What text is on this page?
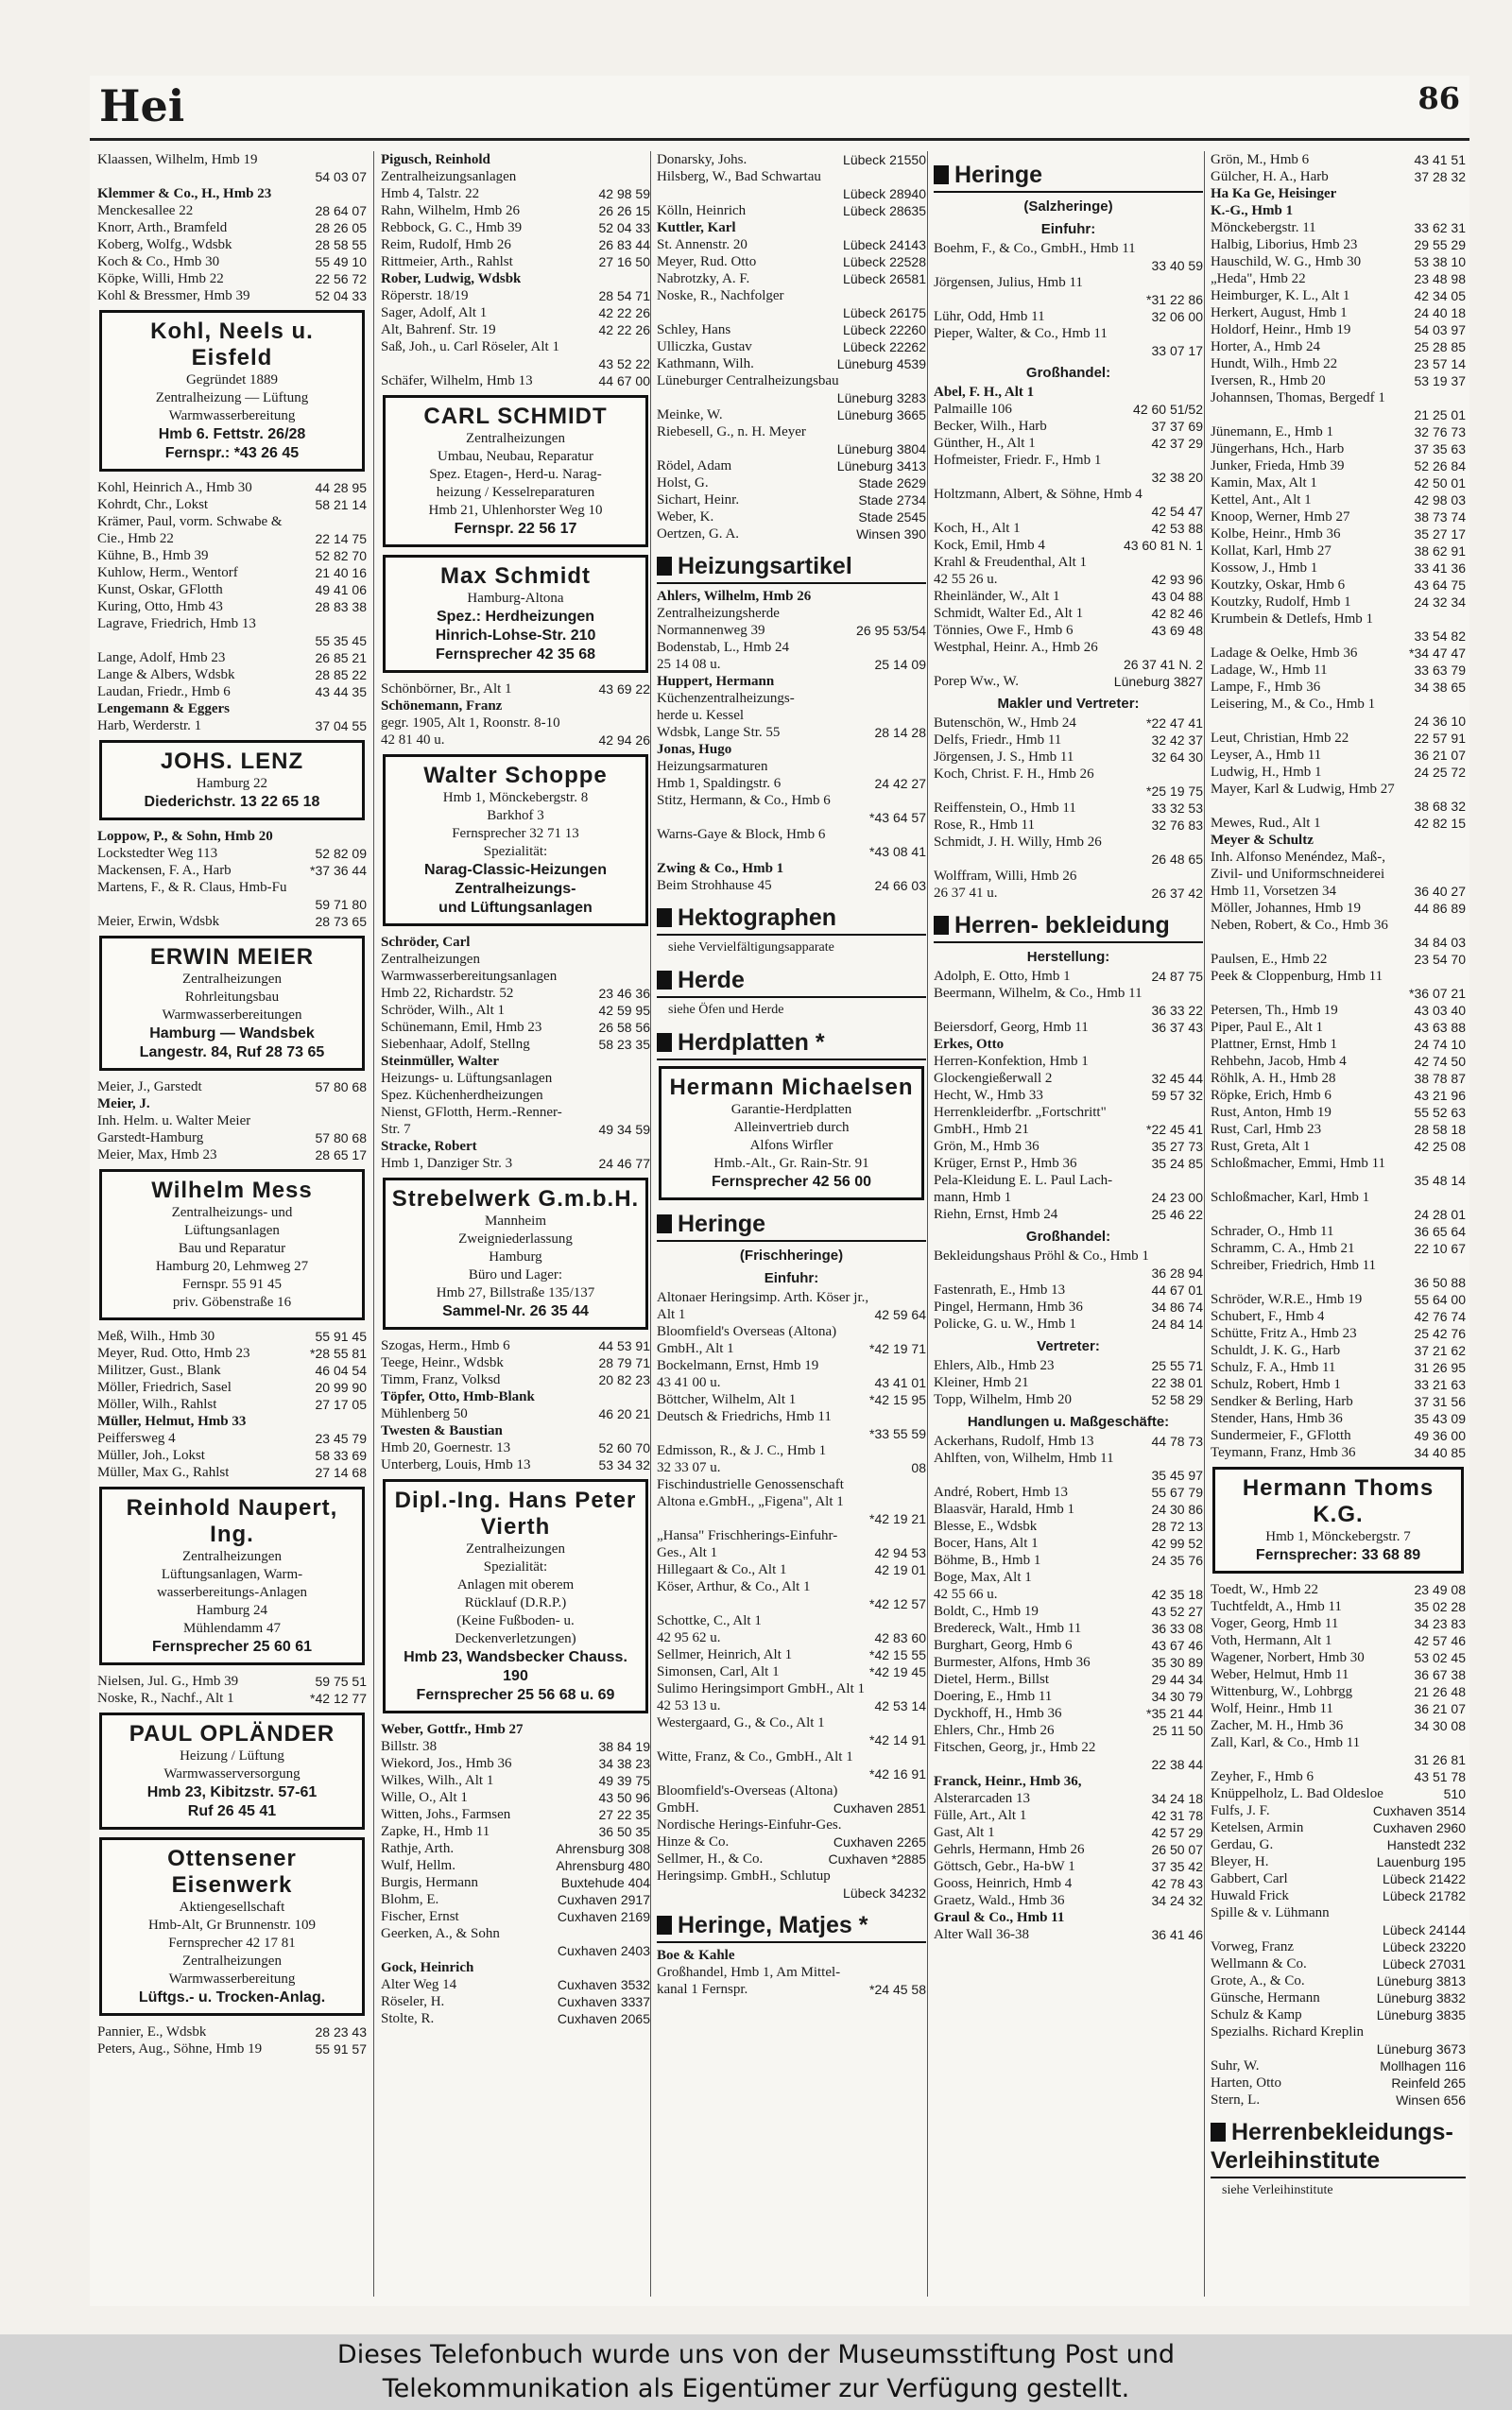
Hei	86
Klaassen, Wilhelm, Hmb 19
54 03 07
Klemmer & Co., H., Hmb 23
Menckesallee 22	28 64 07
Knorr, Arth., Bramfeld	28 26 05
Koberg, Wolfg., Wdsbk	28 58 55
Koch & Co., Hmb 30	55 49 10
Köpke, Willi, Hmb 22	22 56 72
Kohl & Bressmer, Hmb 39	52 04 33
Kohl, Neels u. Eisfeld
Gegründet 1889
Zentralheizung — Lüftung
Warmwasserbereitung
Hmb 6. Fettstr. 26/28
Fernspr.: *43 26 45
Kohl, Heinrich A., Hmb 30	44 28 95
Kohrdt, Chr., Lokst	58 21 14
Krämer, Paul, vorm. Schwabe &
Cie., Hmb 22	22 14 75
Kühne, B., Hmb 39	52 82 70
Kuhlow, Herm., Wentorf	21 40 16
Kunst, Oskar, GFlotth	49 41 06
Kuring, Otto, Hmb 43	28 83 38
Lagrave, Friedrich, Hmb 13
55 35 45
Lange, Adolf, Hmb 23	26 85 21
Lange & Albers, Wdsbk	28 85 22
Laudan, Friedr., Hmb 6	43 44 35
Lengemann & Eggers
Harb, Werderstr. 1	37 04 55
JOHS. LENZ
Hamburg 22
Diederichstr. 13 22 65 18
Loppow, P., & Sohn, Hmb 20
Lockstedter Weg 113	52 82 09
Mackensen, F. A., Harb	*37 36 44
Martens, F., & R. Claus, Hmb-Fu
59 71 80
Meier, Erwin, Wdsbk	28 73 65
ERWIN MEIER
Zentralheizungen
Rohrleitungsbau
Warmwasserbereitungen
Hamburg — Wandsbek
Langestr. 84, Ruf 28 73 65
Meier, J., Garstedt	57 80 68
Meier, J.
Inh. Helm. u. Walter Meier
Garstedt-Hamburg	57 80 68
Meier, Max, Hmb 23	28 65 17
Wilhelm Mess
Zentralheizungs- und
Lüftungsanlagen
Bau und Reparatur
Hamburg 20, Lehmweg 27
Fernspr. 55 91 45
priv. Göbenstraße 16
Meß, Wilh., Hmb 30	55 91 45
Meyer, Rud. Otto, Hmb 23	*28 55 81
Militzer, Gust., Blank	46 04 54
Möller, Friedrich, Sasel	20 99 90
Möller, Wilh., Rahlst	27 17 05
Müller, Helmut, Hmb 33
Peiffersweg 4	23 45 79
Müller, Joh., Lokst	58 33 69
Müller, Max G., Rahlst	27 14 68
Reinhold Naupert, Ing.
Zentralheizungen
Lüftungsanlagen, Warm-
wasserbereitungs-Anlagen
Hamburg 24
Mühlendamm 47
Fernsprecher 25 60 61
Nielsen, Jul. G., Hmb 39	59 75 51
Noske, R., Nachf., Alt 1	*42 12 77
PAUL OPLÄNDER
Heizung / Lüftung
Warmwasserversorgung
Hmb 23, Kibitzstr. 57-61
Ruf 26 45 41
Ottensener Eisenwerk
Aktiengesellschaft
Hmb-Alt, Gr Brunnenstr. 109
Fernsprecher 42 17 81
Zentralheizungen
Warmwasserbereitung
Lüftgs.- u. Trocken-Anlag.
Pannier, E., Wdsbk	28 23 43
Peters, Aug., Söhne, Hmb 19	55 91 57
Pigusch, Reinhold
Zentralheizungsanlagen
Hmb 4, Talstr. 22	42 98 59
Rahn, Wilhelm, Hmb 26	26 26 15
Rebbock, G. C., Hmb 39	52 04 33
Reim, Rudolf, Hmb 26	26 83 44
Rittmeier, Arth., Rahlst	27 16 50
Rober, Ludwig, Wdsbk
Röperstr. 18/19	28 54 71
Sager, Adolf, Alt 1	42 22 26
Alt, Bahrenf. Str. 19	42 22 26
Saß, Joh., u. Carl Röseler, Alt 1
43 52 22
Schäfer, Wilhelm, Hmb 13	44 67 00
CARL SCHMIDT
Zentralheizungen
Umbau, Neubau, Reparatur
Spez. Etagen-, Herd-u. Narag-
heizung / Kesselreparaturen
Hmb 21, Uhlenhorster Weg 10
Fernspr. 22 56 17
Max Schmidt
Hamburg-Altona
Spez.: Herdheizungen
Hinrich-Lohse-Str. 210
Fernsprecher 42 35 68
Schönbörner, Br., Alt 1	43 69 22
Schönemann, Franz
gegr. 1905, Alt 1, Roonstr. 8-10
42 81 40 u.	42 94 26
Walter Schoppe
Hmb 1, Mönckebergstr. 8
Barkhof 3
Fernsprecher 32 71 13
Spezialität:
Narag-Classic-Heizungen
Zentralheizungs-
und Lüftungsanlagen
Schröder, Carl
Zentralheizungen
Warmwasserbereitungsanlagen
Hmb 22, Richardstr. 52	23 46 36
Schröder, Wilh., Alt 1	42 59 95
Schünemann, Emil, Hmb 23	26 58 56
Siebenhaar, Adolf, Stellng	58 23 35
Steinmüller, Walter
Heizungs- u. Lüftungsanlagen
Spez. Küchenherdheizungen
Nienst, GFlotth, Herm.-Renner-
Str. 7	49 34 59
Stracke, Robert
Hmb 1, Danziger Str. 3	24 46 77
Strebelwerk G.m.b.H.
Mannheim
Zweigniederlassung
Hamburg
Büro und Lager:
Hmb 27, Billstraße 135/137
Sammel-Nr. 26 35 44
Szogas, Herm., Hmb 6	44 53 91
Teege, Heinr., Wdsbk	28 79 71
Timm, Franz, Volksd	20 82 23
Töpfer, Otto, Hmb-Blank
Mühlenberg 50	46 20 21
Twesten & Baustian
Hmb 20, Goernestr. 13	52 60 70
Unterberg, Louis, Hmb 13	53 34 32
Dipl.-Ing. Hans Peter Vierth
Zentralheizungen
Spezialität:
Anlagen mit oberem
Rücklauf (D.R.P.)
(Keine Fußboden- u.
Deckenverletzungen)
Hmb 23, Wandsbecker Chauss. 190
Fernsprecher 25 56 68 u. 69
Weber, Gottfr., Hmb 27
Billstr. 38	38 84 19
Wiekord, Jos., Hmb 36	34 38 23
Wilkes, Wilh., Alt 1	49 39 75
Wille, O., Alt 1	43 50 96
Witten, Johs., Farmsen	27 22 35
Zapke, H., Hmb 11	36 50 35
Rathje, Arth.	Ahrensburg 308
Wulf, Hellm.	Ahrensburg 480
Burgis, Hermann	Buxtehude 404
Blohm, E.	Cuxhaven 2917
Fischer, Ernst	Cuxhaven 2169
Geerken, A., & Sohn
Cuxhaven 2403
Gock, Heinrich
Alter Weg 14	Cuxhaven 3532
Röseler, H.	Cuxhaven 3337
Stolte, R.	Cuxhaven 2065
Donarsky, Johs.	Lübeck 21550
Hilsberg, W., Bad Schwartau
Lübeck 28940
Kölln, Heinrich	Lübeck 28635
Kuttler, Karl
St. Annenstr. 20	Lübeck 24143
Meyer, Rud. Otto	Lübeck 22528
Nabrotzky, A. F.	Lübeck 26581
Noske, R., Nachfolger
Lübeck 26175
Schley, Hans	Lübeck 22260
Ulliczka, Gustav	Lübeck 22262
Kathmann, Wilh.	Lüneburg 4539
Lüneburger Centralheizungsbau
Lüneburg 3283
Meinke, W.	Lüneburg 3665
Riebesell, G., n. H. Meyer
Lüneburg 3804
Rödel, Adam	Lüneburg 3413
Holst, G.	Stade 2629
Sichart, Heinr.	Stade 2734
Weber, K.	Stade 2545
Oertzen, G. A.	Winsen 390
Heizungsartikel
Ahlers, Wilhelm, Hmb 26
Zentralheizungsherde
Normannenweg 39	26 95 53/54
Bodenstab, L., Hmb 24
25 14 08 u.	25 14 09
Huppert, Hermann
Küchenzentralheizungs-
herde u. Kessel
Wdsbk, Lange Str. 55	28 14 28
Jonas, Hugo
Heizungsarmaturen
Hmb 1, Spaldingstr. 6	24 42 27
Stitz, Hermann, & Co., Hmb 6
*43 64 57
Warns-Gaye & Block, Hmb 6
*43 08 41
Zwing & Co., Hmb 1
Beim Strohhause 45	24 66 03
Hektographen
siehe Vervielfältigungsapparate
Herde
siehe Öfen und Herde
Herdplatten *
Hermann Michaelsen
Garantie-Herdplatten
Alleinvertrieb durch
Alfons Wirfler
Hmb.-Alt., Gr. Rain-Str. 91
Fernsprecher 42 56 00
Heringe
(Frischheringe)
Einfuhr:
Altonaer Heringsimp. Arth. Köser jr.,
Alt 1	42 59 64
Bloomfield's Overseas (Altona)
GmbH., Alt 1	*42 19 71
Bockelmann, Ernst, Hmb 19
43 41 00 u.	43 41 01
Böttcher, Wilhelm, Alt 1	*42 15 95
Deutsch & Friedrichs, Hmb 11
*33 55 59
Edmisson, R., & J. C., Hmb 1
32 33 07 u.	08
Fischindustrielle Genossenschaft
Altona e.GmbH., „Figena", Alt 1
*42 19 21
„Hansa" Frischherings-Einfuhr-
Ges., Alt 1	42 94 53
Hillegaart & Co., Alt 1	42 19 01
Köser, Arthur, & Co., Alt 1
*42 12 57
Schottke, C., Alt 1
42 95 62 u.	42 83 60
Sellmer, Heinrich, Alt 1	*42 15 55
Simonsen, Carl, Alt 1	*42 19 45
Sulimo Heringsimport GmbH., Alt 1
42 53 13 u.	42 53 14
Westergaard, G., & Co., Alt 1
*42 14 91
Witte, Franz, & Co., GmbH., Alt 1
*42 16 91
Bloomfield's-Overseas (Altona)
GmbH.	Cuxhaven 2851
Nordische Herings-Einfuhr-Ges.
Hinze & Co.	Cuxhaven 2265
Sellmer, H., & Co.	Cuxhaven *2885
Heringsimp. GmbH., Schlutup
Lübeck 34232
Heringe, Matjes *
Boe & Kahle
Großhandel, Hmb 1, Am Mittel-
kanal 1 Fernspr.	*24 45 58
Heringe
(Salzheringe)
Einfuhr:
Boehm, F., & Co., GmbH., Hmb 11
33 40 59
Jörgensen, Julius, Hmb 11
*31 22 86
Lühr, Odd, Hmb 11	32 06 00
Pieper, Walter, & Co., Hmb 11
33 07 17
Großhandel:
Abel, F. H., Alt 1
Palmaille 106	42 60 51/52
Becker, Wilh., Harb	37 37 69
Günther, H., Alt 1	42 37 29
Hofmeister, Friedr. F., Hmb 1
32 38 20
Holtzmann, Albert, & Söhne, Hmb 4
42 54 47
Koch, H., Alt 1	42 53 88
Kock, Emil, Hmb 4	43 60 81 N. 1
Krahl & Freudenthal, Alt 1
42 55 26 u.	42 93 96
Rheinländer, W., Alt 1	43 04 88
Schmidt, Walter Ed., Alt 1	42 82 46
Tönnies, Owe F., Hmb 6	43 69 48
Westphal, Heinr. A., Hmb 26
26 37 41 N. 2
Porep Ww., W.	Lüneburg 3827
Makler und Vertreter:
Butenschön, W., Hmb 24	*22 47 41
Delfs, Friedr., Hmb 11	32 42 37
Jörgensen, J. S., Hmb 11	32 64 30
Koch, Christ. F. H., Hmb 26
*25 19 75
Reiffenstein, O., Hmb 11	33 32 53
Rose, R., Hmb 11	32 76 83
Schmidt, J. H. Willy, Hmb 26
26 48 65
Wolffram, Willi, Hmb 26
26 37 41 u.	26 37 42
Herren- bekleidung
Herstellung:
Adolph, E. Otto, Hmb 1	24 87 75
Beermann, Wilhelm, & Co., Hmb 11
36 33 22
Beiersdorf, Georg, Hmb 11	36 37 43
Erkes, Otto
Herren-Konfektion, Hmb 1
Glockengießerwall 2	32 45 44
Hecht, W., Hmb 33	59 57 32
Herrenkleiderfbr. „Fortschritt"
GmbH., Hmb 21	*22 45 41
Grön, M., Hmb 36	35 27 73
Krüger, Ernst P., Hmb 36	35 24 85
Pela-Kleidung E. L. Paul Lach-
mann, Hmb 1	24 23 00
Riehn, Ernst, Hmb 24	25 46 22
Großhandel:
Bekleidungshaus Pröhl & Co., Hmb 1
36 28 94
Fastenrath, E., Hmb 13	44 67 01
Pingel, Hermann, Hmb 36	34 86 74
Policke, G. u. W., Hmb 1	24 84 14
Vertreter:
Ehlers, Alb., Hmb 23	25 55 71
Kleiner, Hmb 21	22 38 01
Topp, Wilhelm, Hmb 20	52 58 29
Handlungen u. Maßgeschäfte:
Ackerhans, Rudolf, Hmb 13	44 78 73
Ahlften, von, Wilhelm, Hmb 11
35 45 97
André, Robert, Hmb 13	55 67 79
Blaasvär, Harald, Hmb 1	24 30 86
Blesse, E., Wdsbk	28 72 13
Bocer, Hans, Alt 1	42 99 52
Böhme, B., Hmb 1	24 35 76
Boge, Max, Alt 1
42 55 66 u.	42 35 18
Boldt, C., Hmb 19	43 52 27
Bredereck, Walt., Hmb 11	36 33 08
Burghart, Georg, Hmb 6	43 67 46
Burmester, Alfons, Hmb 36	35 30 89
Dietel, Herm., Billst	29 44 34
Doering, E., Hmb 11	34 30 79
Dyckhoff, H., Hmb 36	*35 21 44
Ehlers, Chr., Hmb 26	25 11 50
Fitschen, Georg, jr., Hmb 22
22 38 44
Franck, Heinr., Hmb 36,
Alsterarcaden 13	34 24 18
Fülle, Art., Alt 1	42 31 78
Gast, Alt 1	42 57 29
Gehrls, Hermann, Hmb 26	26 50 07
Göttsch, Gebr., Ha-bW 1	37 35 42
Gooss, Heinrich, Hmb 4	42 78 43
Graetz, Wald., Hmb 36	34 24 32
Graul & Co., Hmb 11
Alter Wall 36-38	36 41 46
Grön, M., Hmb 6	43 41 51
Gülcher, H. A., Harb	37 28 32
Ha Ka Ge, Heisinger
K.-G., Hmb 1
Mönckebergstr. 11	33 62 31
Halbig, Liborius, Hmb 23	29 55 29
Hauschild, W. G., Hmb 30	53 38 10
„Heda", Hmb 22	23 48 98
Heimburger, K. L., Alt 1	42 34 05
Herkert, August, Hmb 1	24 40 18
Holdorf, Heinr., Hmb 19	54 03 97
Horter, A., Hmb 24	25 28 85
Hundt, Wilh., Hmb 22	23 57 14
Iversen, R., Hmb 20	53 19 37
Johannsen, Thomas, Bergedf 1
21 25 01
Jünemann, E., Hmb 1	32 76 73
Jüngerhans, Hch., Harb	37 35 63
Junker, Frieda, Hmb 39	52 26 84
Kamin, Max, Alt 1	42 50 01
Kettel, Ant., Alt 1	42 98 03
Knoop, Werner, Hmb 27	38 73 74
Kolbe, Heinr., Hmb 36	35 27 17
Kollat, Karl, Hmb 27	38 62 91
Kossow, J., Hmb 1	33 41 36
Koutzky, Oskar, Hmb 6	43 64 75
Koutzky, Rudolf, Hmb 1	24 32 34
Krumbein & Detlefs, Hmb 1
33 54 82
Ladage & Oelke, Hmb 36	*34 47 47
Ladage, W., Hmb 11	33 63 79
Lampe, F., Hmb 36	34 38 65
Leisering, M., & Co., Hmb 1
24 36 10
Leut, Christian, Hmb 22	22 57 91
Leyser, A., Hmb 11	36 21 07
Ludwig, H., Hmb 1	24 25 72
Mayer, Karl & Ludwig, Hmb 27
38 68 32
Mewes, Rud., Alt 1	42 82 15
Meyer & Schultz
Inh. Alfonso Menéndez, Maß-,
Zivil- und Uniformschneiderei
Hmb 11, Vorsetzen 34	36 40 27
Möller, Johannes, Hmb 19	44 86 89
Neben, Robert, & Co., Hmb 36
34 84 03
Paulsen, E., Hmb 22	23 54 70
Peek & Cloppenburg, Hmb 11
*36 07 21
Petersen, Th., Hmb 19	43 03 40
Piper, Paul E., Alt 1	43 63 88
Plattner, Ernst, Hmb 1	24 74 10
Rehbehn, Jacob, Hmb 4	42 74 50
Röhlk, A. H., Hmb 28	38 78 87
Röpke, Erich, Hmb 6	43 21 96
Rust, Anton, Hmb 19	55 52 63
Rust, Carl, Hmb 23	28 58 18
Rust, Greta, Alt 1	42 25 08
Schloßmacher, Emmi, Hmb 11
35 48 14
Schloßmacher, Karl, Hmb 1
24 28 01
Schrader, O., Hmb 11	36 65 64
Schramm, C. A., Hmb 21	22 10 67
Schreiber, Friedrich, Hmb 11
36 50 88
Schröder, W.R.E., Hmb 19	55 64 00
Schubert, F., Hmb 4	42 76 74
Schütte, Fritz A., Hmb 23	25 42 76
Schuldt, J. K. G., Harb	37 21 62
Schulz, F. A., Hmb 11	31 26 95
Schulz, Robert, Hmb 1	33 21 63
Sendker & Berling, Harb	37 31 56
Stender, Hans, Hmb 36	35 43 09
Sundermeier, F., GFlotth	49 36 00
Teymann, Franz, Hmb 36	34 40 85
Hermann Thoms K.G.
Hmb 1, Mönckebergstr. 7
Fernsprecher: 33 68 89
Toedt, W., Hmb 22	23 49 08
Tuchtfeldt, A., Hmb 11	35 02 28
Voger, Georg, Hmb 11	34 23 83
Voth, Hermann, Alt 1	42 57 46
Wagener, Norbert, Hmb 30	53 02 45
Weber, Helmut, Hmb 11	36 67 38
Wittenburg, W., Lohbrgg	21 26 48
Wolf, Heinr., Hmb 11	36 21 07
Zacher, M. H., Hmb 36	34 30 08
Zall, Karl, & Co., Hmb 11
31 26 81
Zeyher, F., Hmb 6	43 51 78
Knüppelholz, L. Bad Oldesloe	510
Fulfs, J. F.	Cuxhaven 3514
Ketelsen, Armin	Cuxhaven 2960
Gerdau, G.	Hanstedt 232
Bleyer, H.	Lauenburg 195
Gabbert, Carl	Lübeck 21422
Huwald Frick	Lübeck 21782
Spille & v. Lühmann
Lübeck 24144
Vorweg, Franz	Lübeck 23220
Wellmann & Co.	Lübeck 27031
Grote, A., & Co.	Lüneburg 3813
Günsche, Hermann	Lüneburg 3832
Schulz & Kamp	Lüneburg 3835
Spezialhs. Richard Kreplin
Lüneburg 3673
Suhr, W.	Mollhagen 116
Harten, Otto	Reinfeld 265
Stern, L.	Winsen 656
Herrenbekleidungs- Verleihinstitute
siehe Verleihinstitute
Dieses Telefonbuch wurde uns von der Museumsstiftung Post und
Telekommunikation als Eigentümer zur Verfügung gestellt.
